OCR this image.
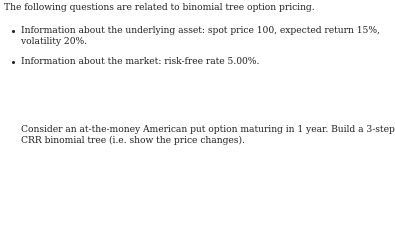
The following questions are related to binomial tree option pricing.
Information about the underlying asset: spot price 100, expected return 15%,
volatility 20%.
Information about the market: risk-free rate 5.00%.
Consider an at-the-money American put option maturing in 1 year. Build a 3-step
CRR binomial tree (i.e. show the price changes).
